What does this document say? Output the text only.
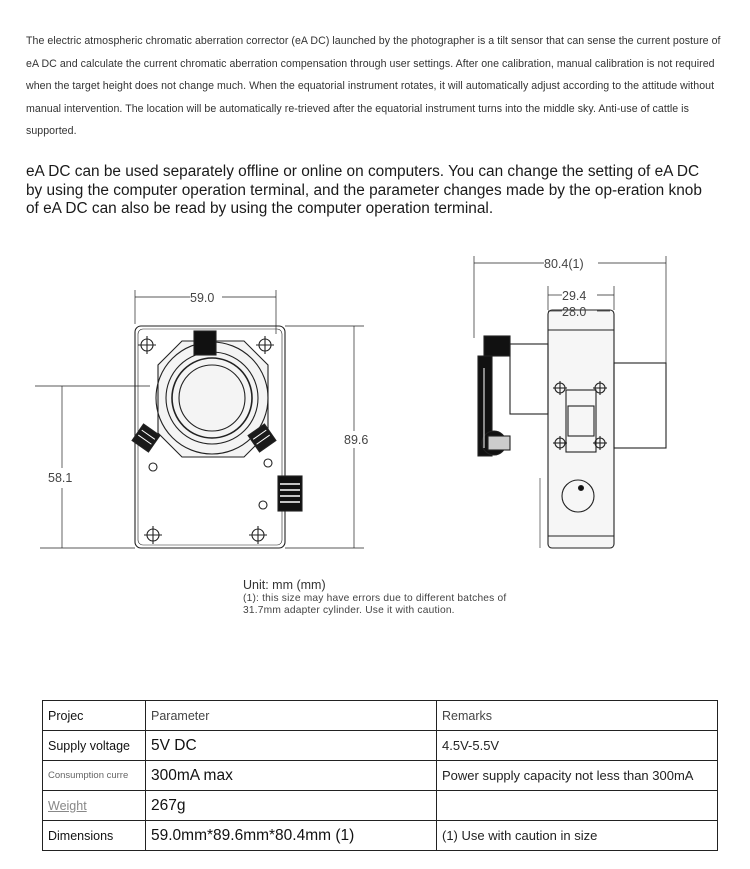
The electric atmospheric chromatic aberration corrector (eA DC) launched by the photographer is a tilt sensor that can sense the current posture of eA DC and calculate the current chromatic aberration compensation through user settings. After one calibration, manual calibration is not required when the target height does not change much. When the equatorial instrument rotates, it will automatically adjust according to the attitude without manual intervention. The location will be automatically re-trieved after the equatorial instrument turns into the middle sky. Anti-use of cattle is supported.
eA DC can be used separately offline or online on computers. You can change the setting of eA DC by using the computer operation terminal, and the parameter changes made by the op-eration knob of eA DC can also be read by using the computer operation terminal.
59.0
89.6
58.1
80.4(1)
29.4
28.0
Unit: mm (mm)
(1): this size may have errors due to different batches of 31.7mm adapter cylinder. Use it with caution.
Projec	Parameter	Remarks
Supply voltage	5V DC	4.5V-5.5V
Consumption curre	300mA max	Power supply capacity not less than 300mA
Weight	267g	
Dimensions	59.0mm*89.6mm*80.4mm (1)	(1) Use with caution in size
